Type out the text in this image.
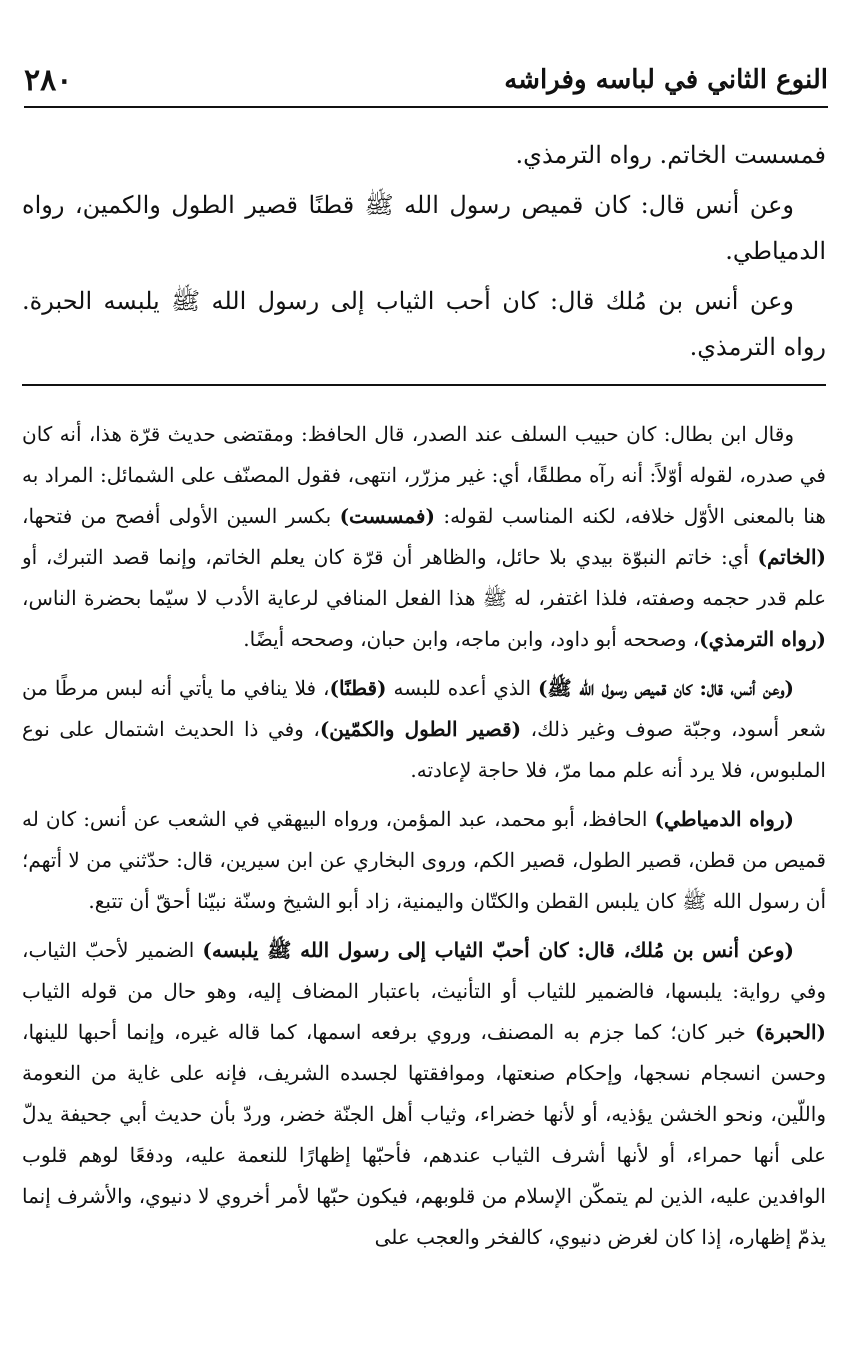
النوع الثاني في لباسه وفراشه
٢٨٠

فمسست الخاتم. رواه الترمذي.

وعن أنس قال: كان قميص رسول الله ﷺ قطنًا قصير الطول والكمين، رواه الدمياطي.

وعن أنس بن مُلك قال: كان أحب الثياب إلى رسول الله ﷺ يلبسه الحبرة. رواه الترمذي.

وقال ابن بطال: كان حبيب السلف عند الصدر، قال الحافظ: ومقتضى حديث قرّة هذا، أنه كان في صدره، لقوله أوّلاً: أنه رآه مطلقًا، أي: غير مزرّر، انتهى، فقول المصنّف على الشمائل: المراد به هنا بالمعنى الأوّل خلافه، لكنه المناسب لقوله: (فمسست) بكسر السين الأولى أفصح من فتحها، (الخاتم) أي: خاتم النبوّة بيدي بلا حائل، والظاهر أن قرّة كان يعلم الخاتم، وإنما قصد التبرك، أو علم قدر حجمه وصفته، فلذا اغتفر، له ﷺ هذا الفعل المنافي لرعاية الأدب لا سيّما بحضرة الناس، (رواه الترمذي)، وصححه أبو داود، وابن ماجه، وابن حبان، وصححه أيضًا.

(وعن أنس، قال: كان قميص رسول الله ﷺ) الذي أعده للبسه (قطنًا)، فلا ينافي ما يأتي أنه لبس مرطًا من شعر أسود، وجبّة صوف وغير ذلك، (قصير الطول والكمّين)، وفي ذا الحديث اشتمال على نوع الملبوس، فلا يرد أنه علم مما مرّ، فلا حاجة لإعادته.

(رواه الدمياطي) الحافظ، أبو محمد، عبد المؤمن، ورواه البيهقي في الشعب عن أنس: كان له قميص من قطن، قصير الطول، قصير الكم، وروى البخاري عن ابن سيرين، قال: حدّثني من لا أتهم؛ أن رسول الله ﷺ كان يلبس القطن والكتّان واليمنية، زاد أبو الشيخ وسنّة نبيّنا أحقّ أن تتبع.

(وعن أنس بن مُلك، قال: كان أحبّ الثياب إلى رسول الله ﷺ يلبسه) الضمير لأحبّ الثياب، وفي رواية: يلبسها، فالضمير للثياب أو التأنيث، باعتبار المضاف إليه، وهو حال من قوله الثياب (الحبرة) خبر كان؛ كما جزم به المصنف، وروي برفعه اسمها، كما قاله غيره، وإنما أحبها للينها، وحسن انسجام نسجها، وإحكام صنعتها، وموافقتها لجسده الشريف، فإنه على غاية من النعومة واللّين، ونحو الخشن يؤذيه، أو لأنها خضراء، وثياب أهل الجنّة خضر، وردّ بأن حديث أبي جحيفة يدلّ على أنها حمراء، أو لأنها أشرف الثياب عندهم، فأحبّها إظهارًا للنعمة عليه، ودفعًا لوهم قلوب الوافدين عليه، الذين لم يتمكّن الإسلام من قلوبهم، فيكون حبّها لأمر أخروي لا دنيوي، والأشرف إنما يذمّ إظهاره، إذا كان لغرض دنيوي، كالفخر والعجب على
